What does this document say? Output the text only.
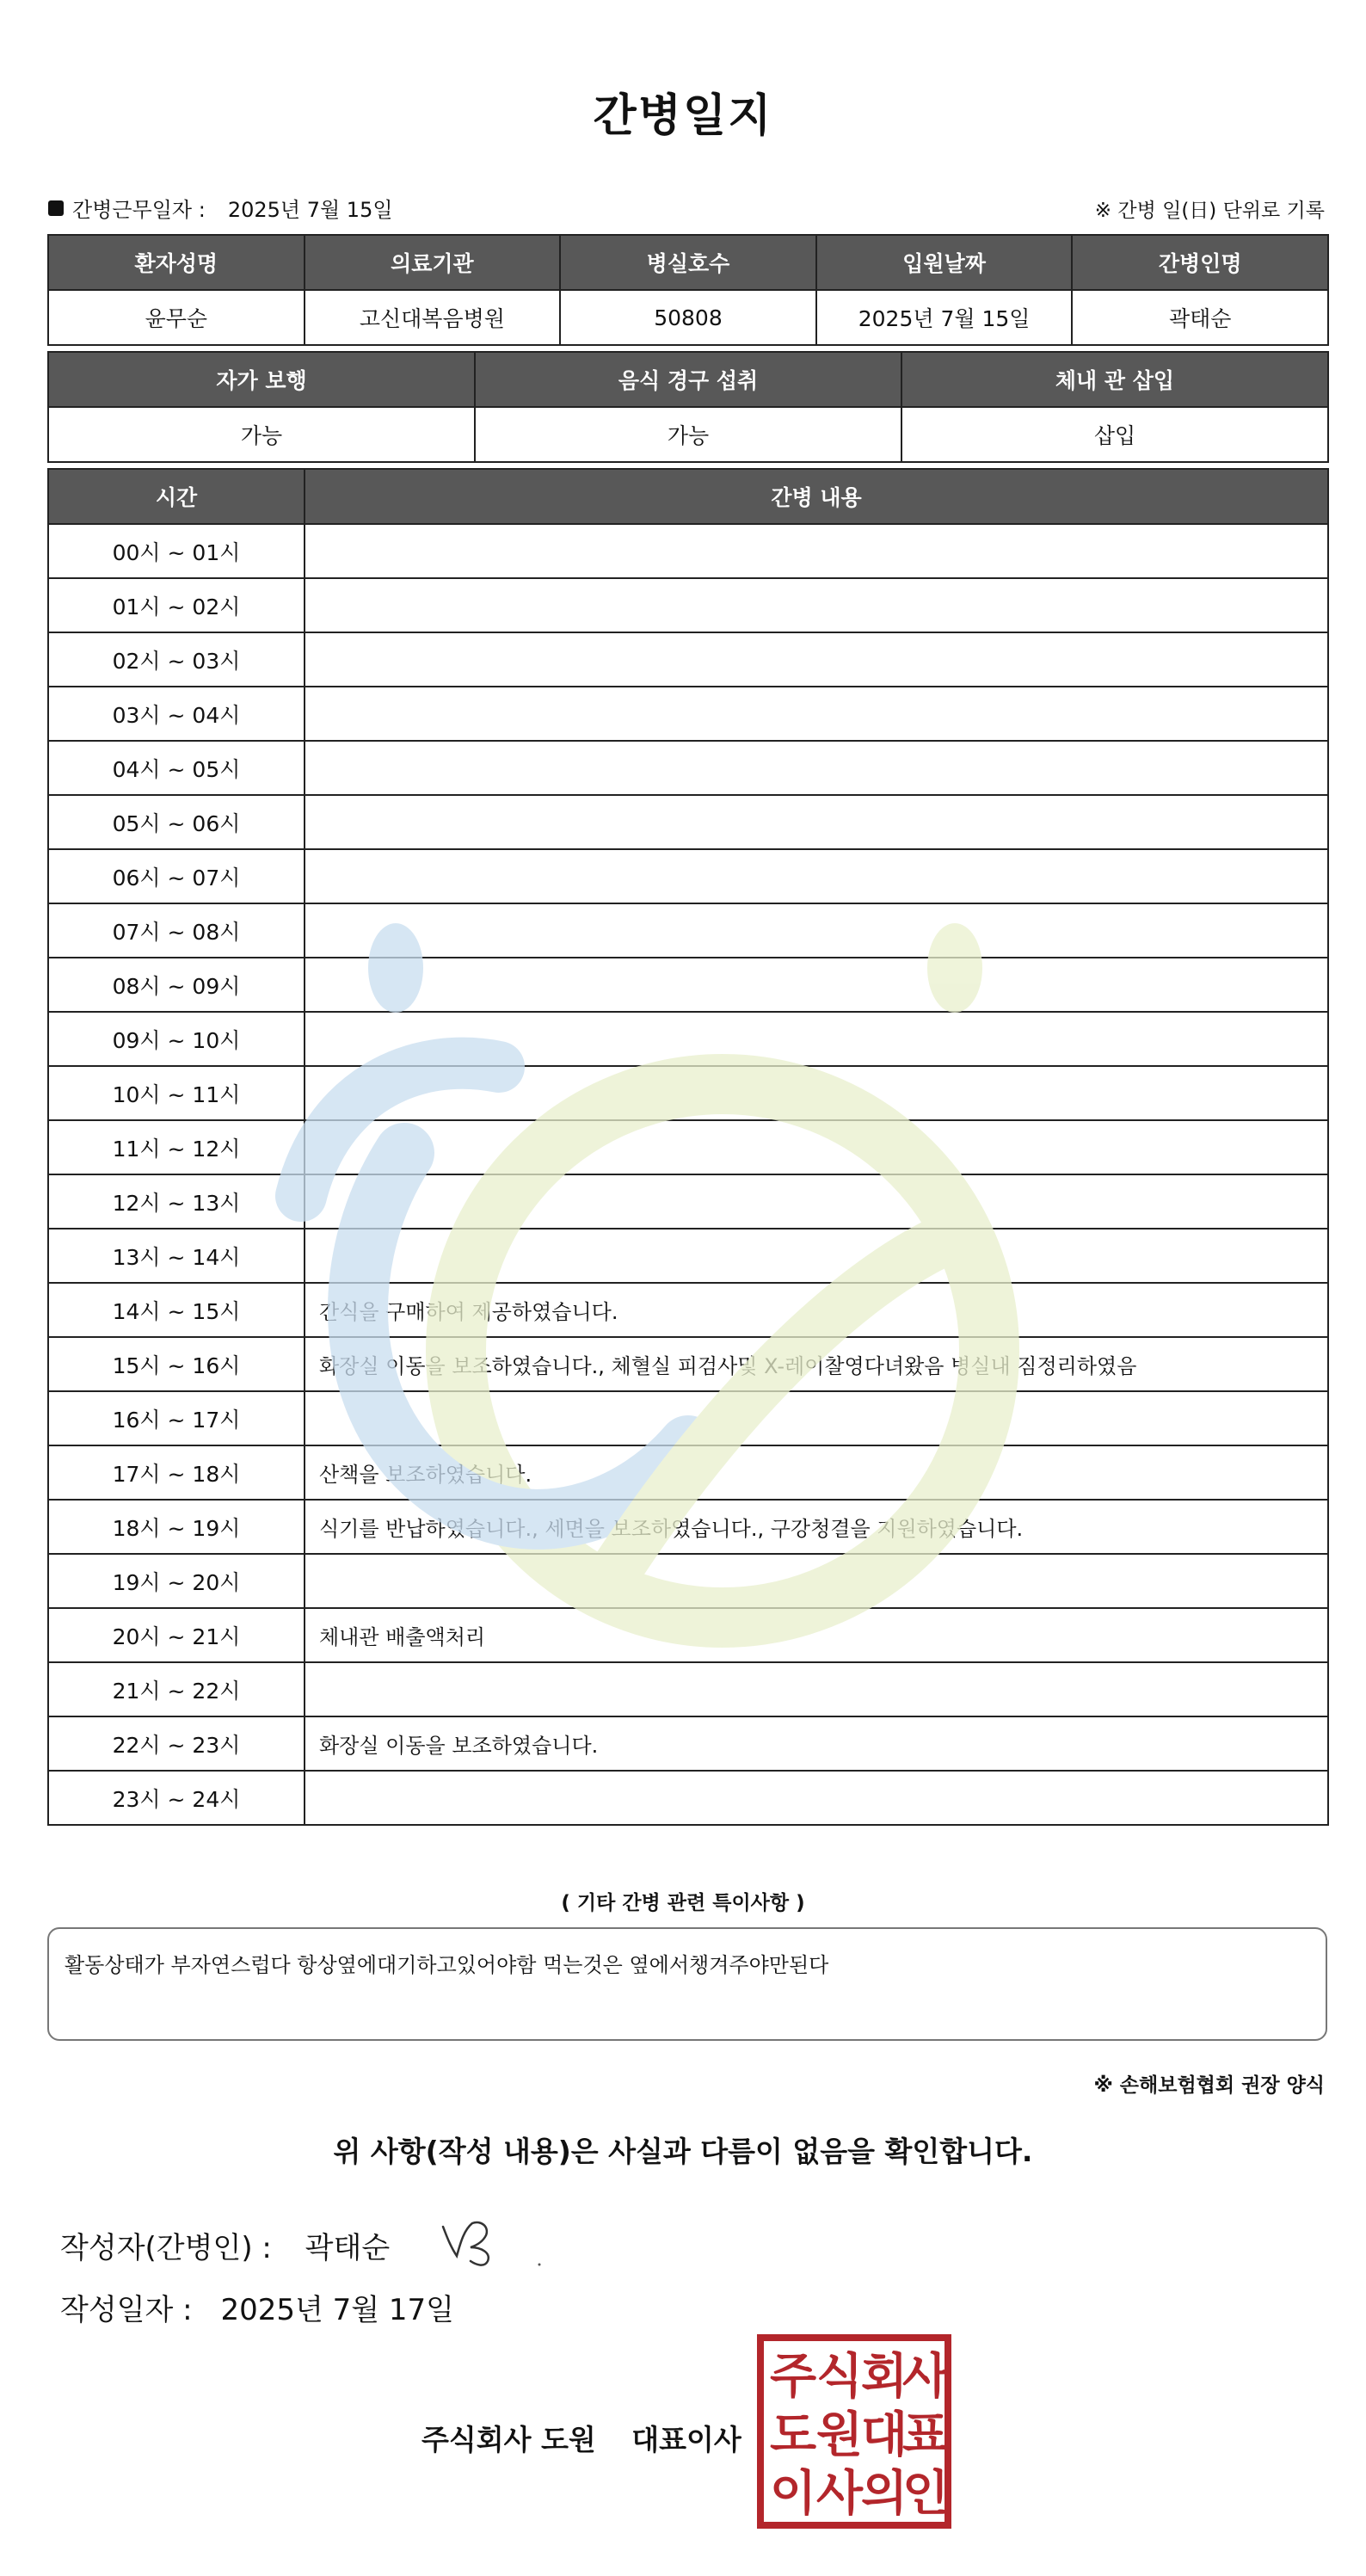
간병일지
간병근무일자 : 2025년 7월 15일	※ 간병 일(日) 단위로 기록
환자성명	의료기관	병실호수	입원날짜	간병인명
윤무순	고신대복음병원	50808	2025년 7월 15일	곽태순
자가 보행	음식 경구 섭취	체내 관 삽입
가능	가능	삽입
시간	간병 내용
00시 ~ 01시	
01시 ~ 02시	
02시 ~ 03시	
03시 ~ 04시	
04시 ~ 05시	
05시 ~ 06시	
06시 ~ 07시	
07시 ~ 08시	
08시 ~ 09시	
09시 ~ 10시	
10시 ~ 11시	
11시 ~ 12시	
12시 ~ 13시	
13시 ~ 14시	
14시 ~ 15시	간식을 구매하여 제공하였습니다.
15시 ~ 16시	화장실 이동을 보조하였습니다., 체혈실 피검사및 X-레이찰영다녀왔음 병실내 짐정리하였음
16시 ~ 17시	
17시 ~ 18시	산책을 보조하였습니다.
18시 ~ 19시	식기를 반납하였습니다., 세면을 보조하였습니다., 구강청결을 지원하였습니다.
19시 ~ 20시	
20시 ~ 21시	체내관 배출액처리
21시 ~ 22시	
22시 ~ 23시	화장실 이동을 보조하였습니다.
23시 ~ 24시	
( 기타 간병 관련 특이사항 )
활동상태가 부자연스럽다 항상옆에대기하고있어야함 먹는것은 옆에서챙겨주야만된다
※ 손해보험협회 권장 양식
위 사항(작성 내용)은 사실과 다름이 없음을 확인합니다.
작성자(간병인) : 곽태순
작성일자 : 2025년 7월 17일
주식회사 도원 대표이사
주 식
회
사
도 원
대
표
이 사
의
인
